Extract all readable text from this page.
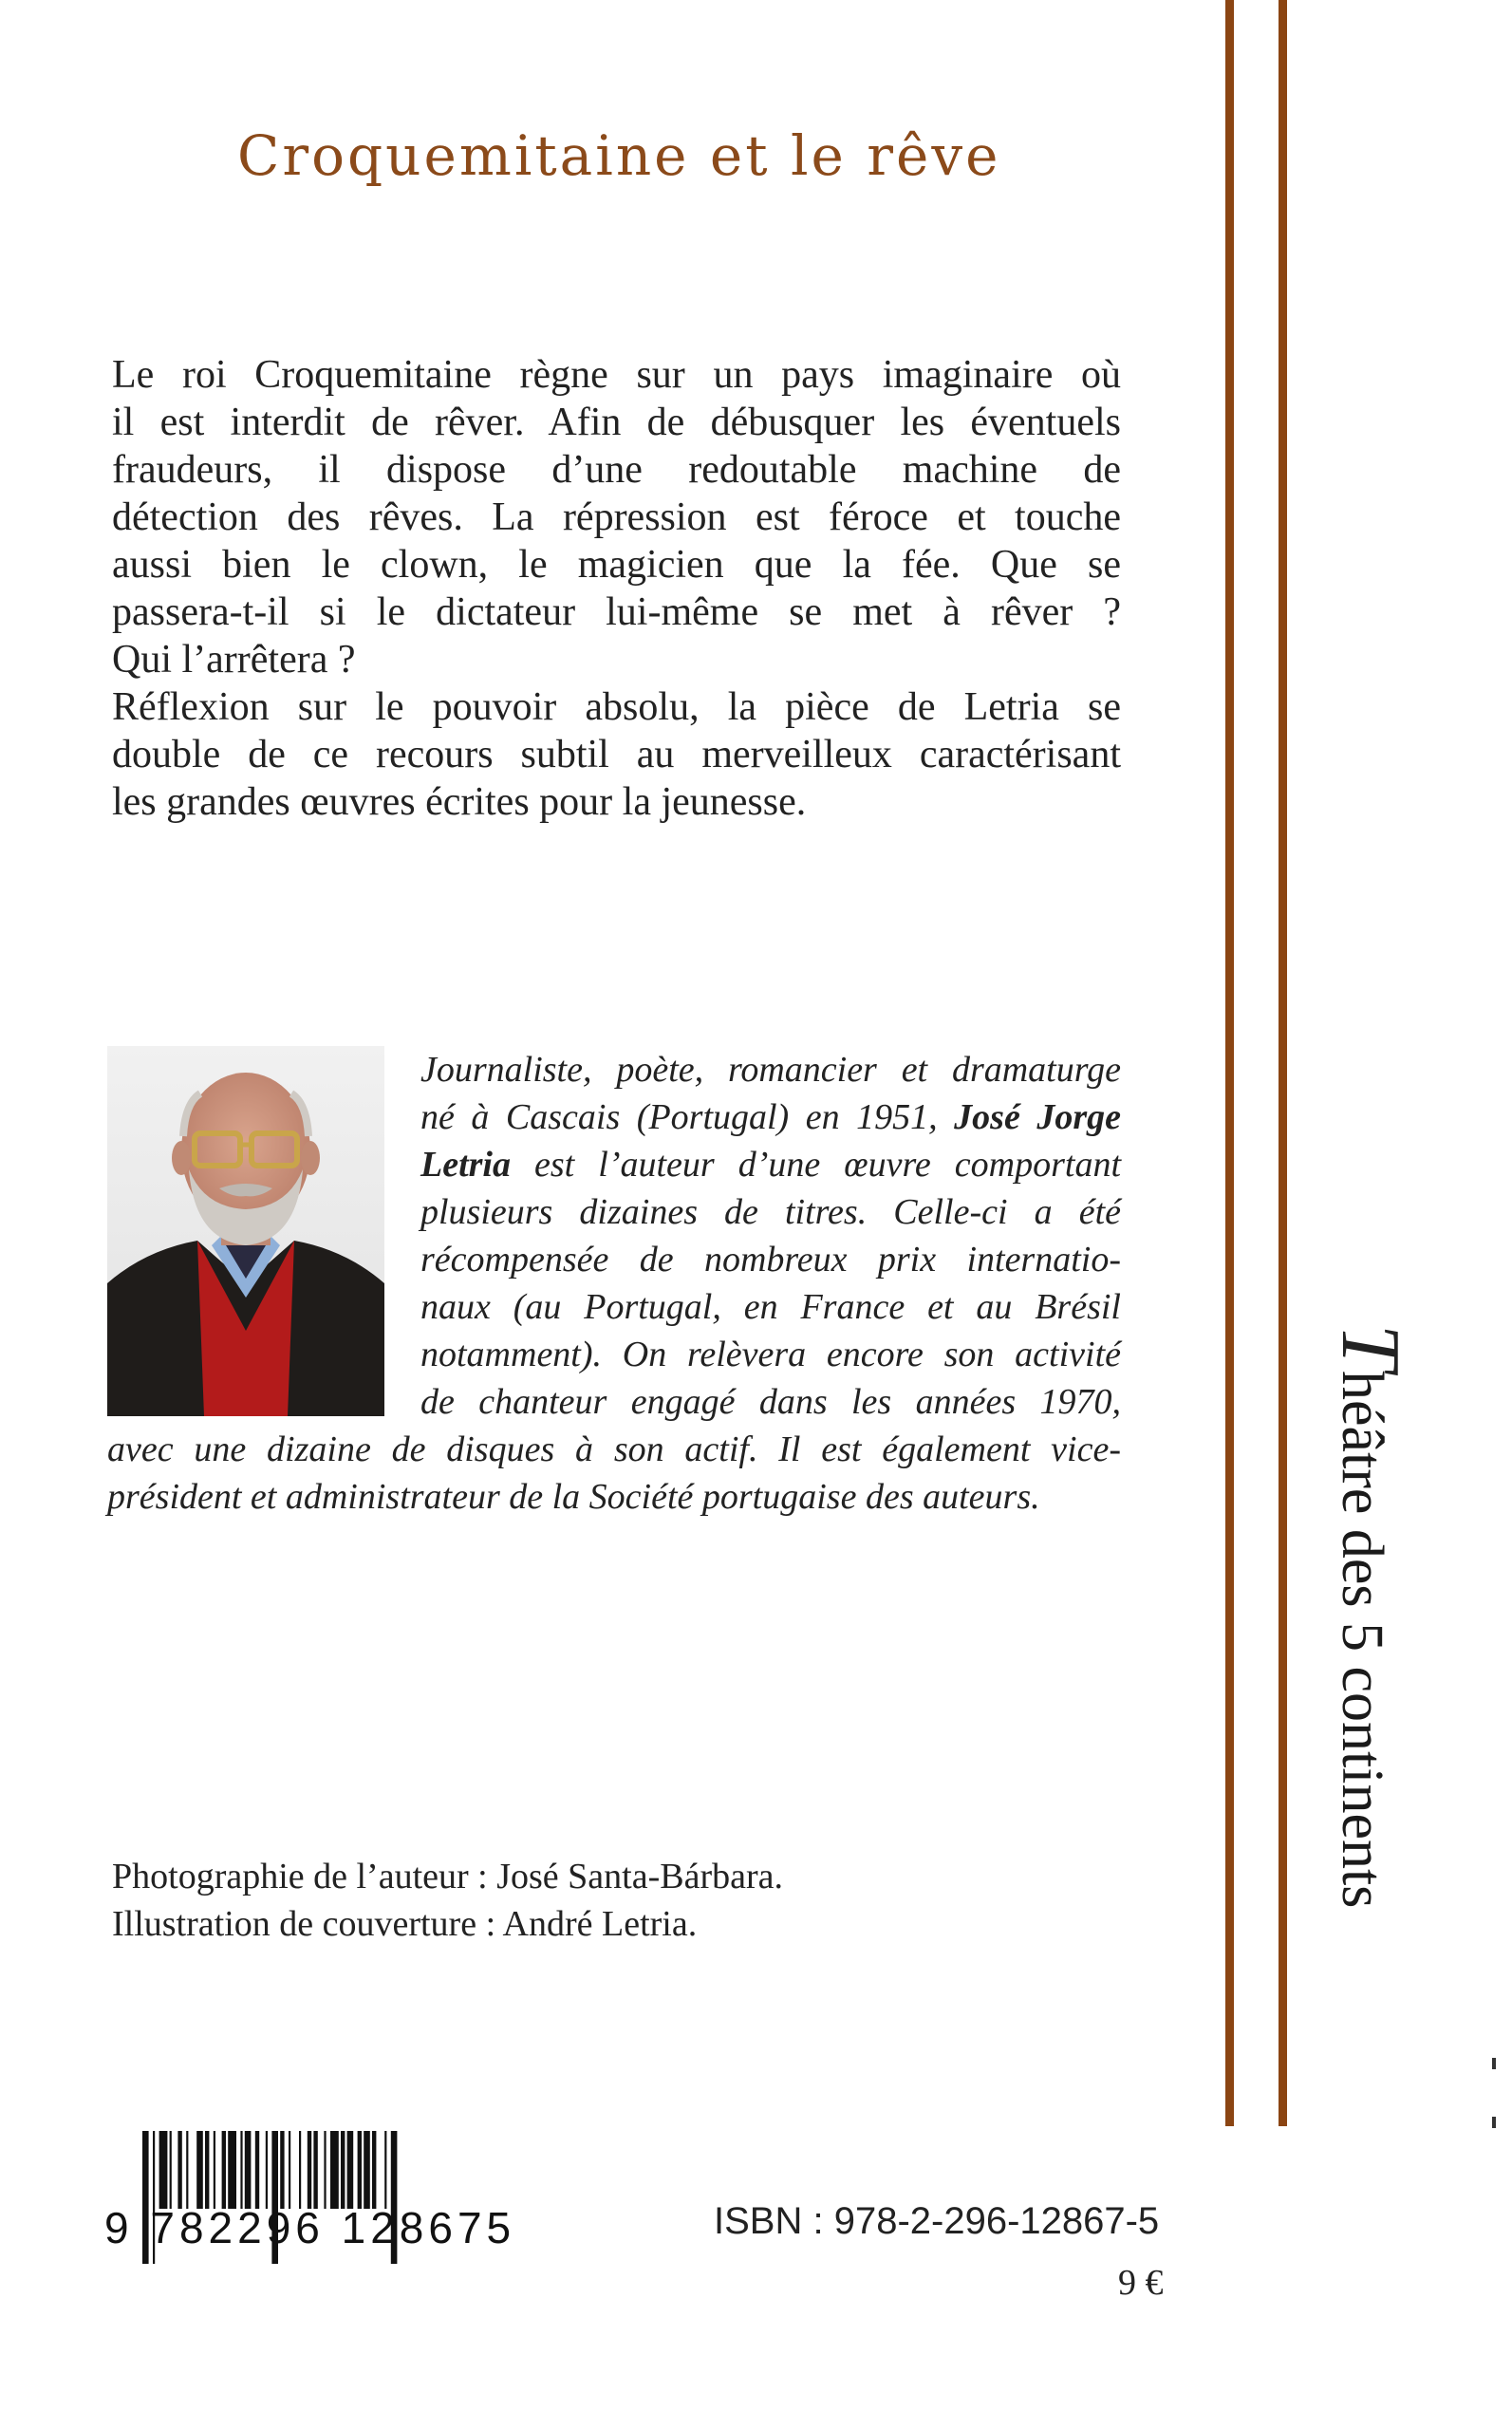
Croquemitaine et le rêve
Le roi Croquemitaine règne sur un pays imaginaire où
il est interdit de rêver. Afin de débusquer les éventuels
fraudeurs, il dispose d’une redoutable machine de
détection des rêves. La répression est féroce et touche
aussi bien le clown, le magicien que la fée. Que se
passera-t-il si le dictateur lui-même se met à rêver ?
Qui l’arrêtera ?
Réflexion sur le pouvoir absolu, la pièce de Letria se
double de ce recours subtil au merveilleux caractérisant
les grandes œuvres écrites pour la jeunesse.
Journaliste, poète, romancier et dramaturge
né à Cascais (Portugal) en 1951, José Jorge
Letria est l’auteur d’une œuvre comportant
plusieurs dizaines de titres. Celle-ci a été
récompensée de nombreux prix internatio-
naux (au Portugal, en France et au Brésil
notamment). On relèvera encore son activité
de chanteur engagé dans les années 1970,
avec une dizaine de disques à son actif. Il est également vice-
président et administrateur de la Société portugaise des auteurs.
Photographie de l’auteur : José Santa-Bárbara.
Illustration de couverture : André Letria.
9 782296 128675	ISBN : 978-2-296-12867-5
9 €
Théâtre des 5 continents
